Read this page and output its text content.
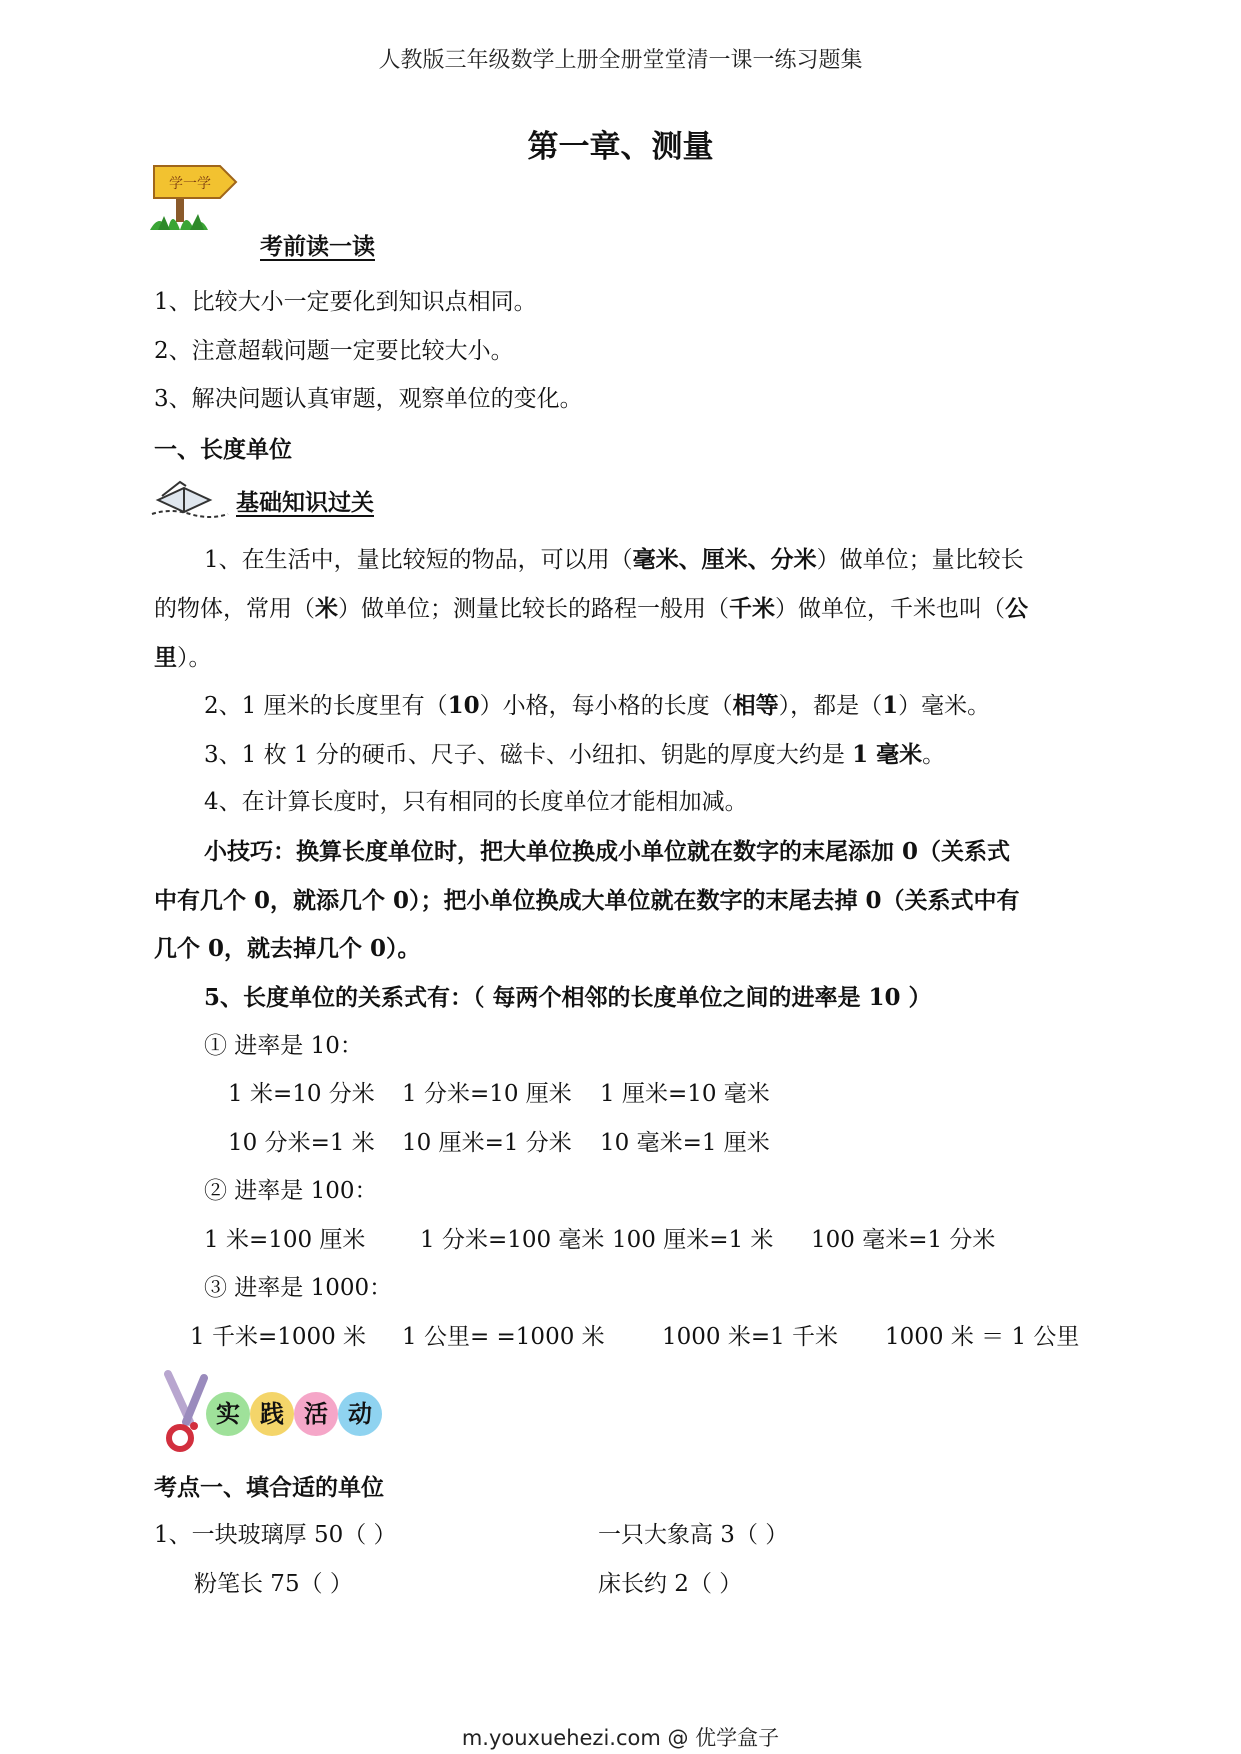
人教版三年级数学上册全册堂堂清一课一练习题集
第一章、测量
学一学
考前读一读
1、比较大小一定要化到知识点相同。
2、注意超载问题一定要比较大小。
3、解决问题认真审题，观察单位的变化。
一、长度单位
基础知识过关
1、在生活中，量比较短的物品，可以用（毫米、厘米、分米）做单位；量比较长
的物体，常用（米）做单位；测量比较长的路程一般用（千米）做单位，千米也叫（公
里）。
2、1 厘米的长度里有（10）小格，每小格的长度（相等），都是（1）毫米。
3、1 枚 1 分的硬币、尺子、磁卡、小纽扣、钥匙的厚度大约是 1 毫米。
4、在计算长度时，只有相同的长度单位才能相加减。
小技巧：换算长度单位时，把大单位换成小单位就在数字的末尾添加 0（关系式
中有几个 0，就添几个 0）；把小单位换成大单位就在数字的末尾去掉 0（关系式中有
几个 0，就去掉几个 0）。
5、长度单位的关系式有：（ 每两个相邻的长度单位之间的进率是 10 ）
① 进率是 10：
1 米=10 分米 1 分米=10 厘米 1 厘米=10 毫米
10 分米=1 米 10 厘米=1 分米 10 毫米=1 厘米
② 进率是 100：
1 米=100 厘米 1 分米=100 毫米 100 厘米=1 米 100 毫米=1 分米
③ 进率是 1000：
1 千米=1000 米 1 公里= =1000 米 1000 米=1 千米 1000 米 ＝ 1 公里
实 践 活 动
考点一、填合适的单位
1、一块玻璃厚 50（ ）	一只大象高 3（ ）
粉笔长 75（ ）	床长约 2（ ）
m.youxuehezi.com @ 优学盒子
